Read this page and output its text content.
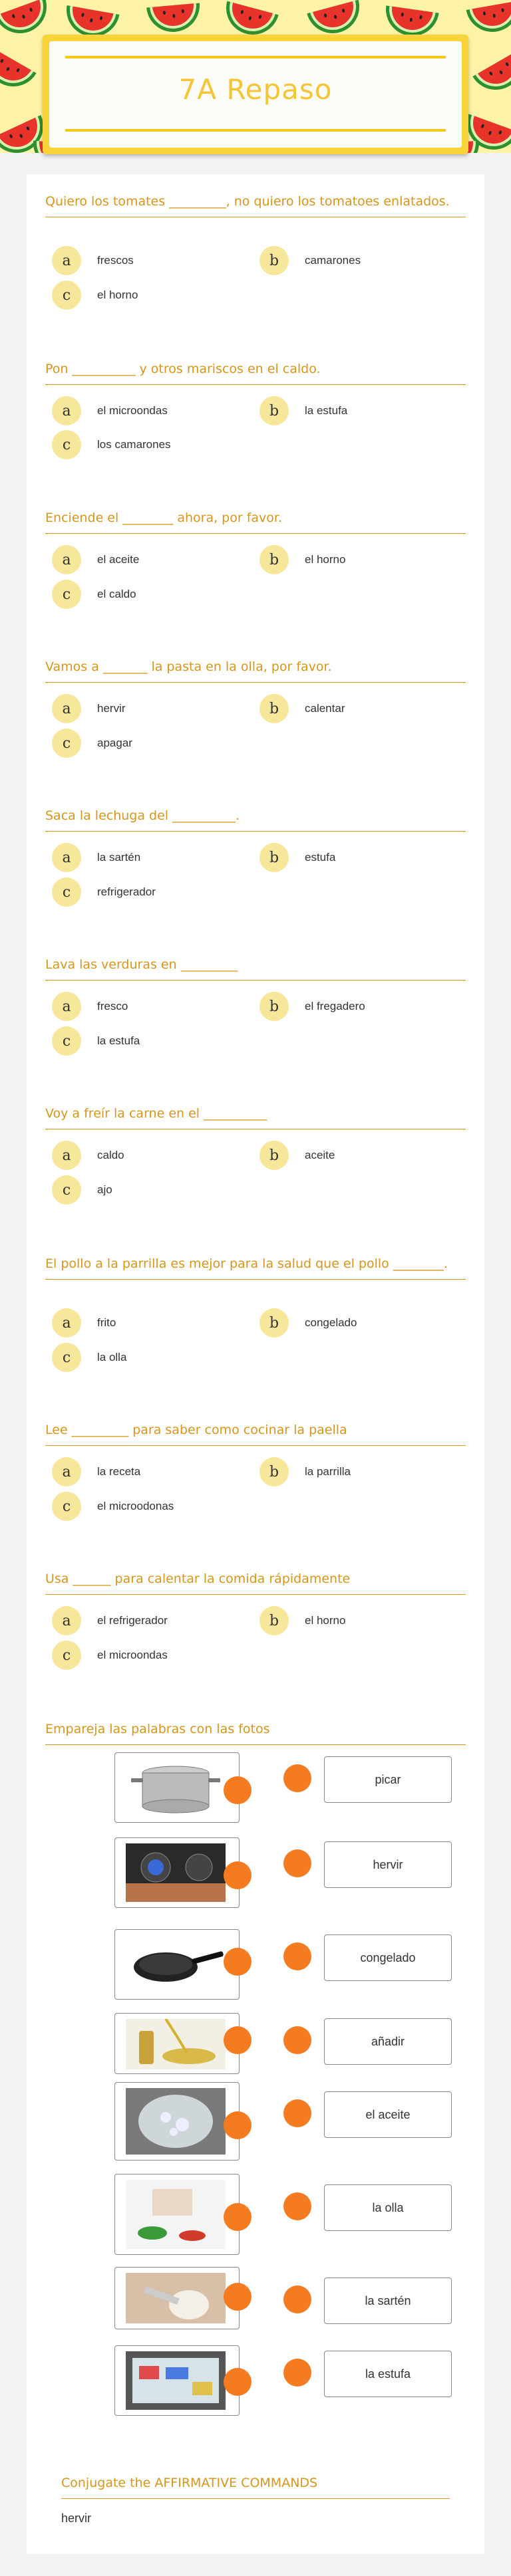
7A Repaso
Quiero los tomates _________, no quiero los tomatoes enlatados.
a	frescos	b	camarones
c	el horno
Pon __________ y otros mariscos en el caldo.
a	el microondas	b	la estufa
c	los camarones
Enciende el ________ ahora, por favor.
a	el aceite	b	el horno
c	el caldo
Vamos a _______ la pasta en la olla, por favor.
a	hervir	b	calentar
c	apagar
Saca la lechuga del __________.
a	la sartén	b	estufa
c	refrigerador
Lava las verduras en _________
a	fresco	b	el fregadero
c	la estufa
Voy a freír la carne en el __________
a	caldo	b	aceite
c	ajo
El pollo a la parrilla es mejor para la salud que el pollo ________.
a	frito	b	congelado
c	la olla
Lee _________ para saber como cocinar la paella
a	la receta	b	la parrilla
c	el microodonas
Usa ______ para calentar la comida rápidamente
a	el refrigerador	b	el horno
c	el microondas
Empareja las palabras con las fotos
picar
hervir
congelado
añadir
el aceite
la olla
la sartén
la estufa
Conjugate the AFFIRMATIVE COMMANDS
hervir
